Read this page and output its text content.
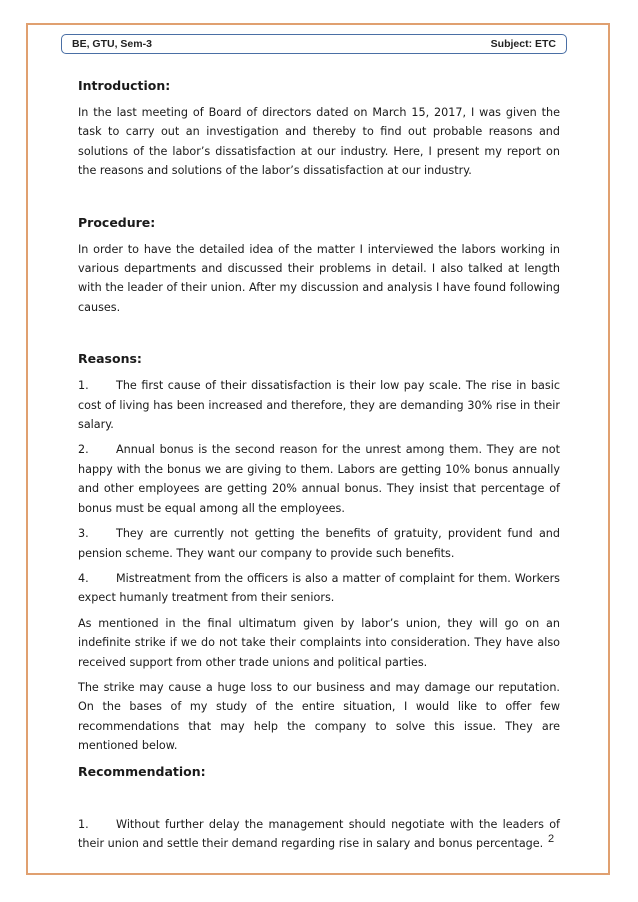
BE, GTU, Sem-3	Subject: ETC
Introduction:

In the last meeting of Board of directors dated on March 15, 2017, I was given the task to carry out an investigation and thereby to find out probable reasons and solutions of the labor’s dissatisfaction at our industry. Here, I present my report on the reasons and solutions of the labor’s dissatisfaction at our industry.

Procedure:

In order to have the detailed idea of the matter I interviewed the labors working in various departments and discussed their problems in detail. I also talked at length with the leader of their union. After my discussion and analysis I have found following causes.

Reasons:

1. The first cause of their dissatisfaction is their low pay scale. The rise in basic cost of living has been increased and therefore, they are demanding 30% rise in their salary.

2. Annual bonus is the second reason for the unrest among them. They are not happy with the bonus we are giving to them. Labors are getting 10% bonus annually and other employees are getting 20% annual bonus. They insist that percentage of bonus must be equal among all the employees.

3. They are currently not getting the benefits of gratuity, provident fund and pension scheme. They want our company to provide such benefits.

4. Mistreatment from the officers is also a matter of complaint for them. Workers expect humanly treatment from their seniors.

As mentioned in the final ultimatum given by labor’s union, they will go on an indefinite strike if we do not take their complaints into consideration. They have also received support from other trade unions and political parties.

The strike may cause a huge loss to our business and may damage our reputation. On the bases of my study of the entire situation, I would like to offer few recommendations that may help the company to solve this issue. They are mentioned below.

Recommendation:

1. Without further delay the management should negotiate with the leaders of their union and settle their demand regarding rise in salary and bonus percentage. 2
